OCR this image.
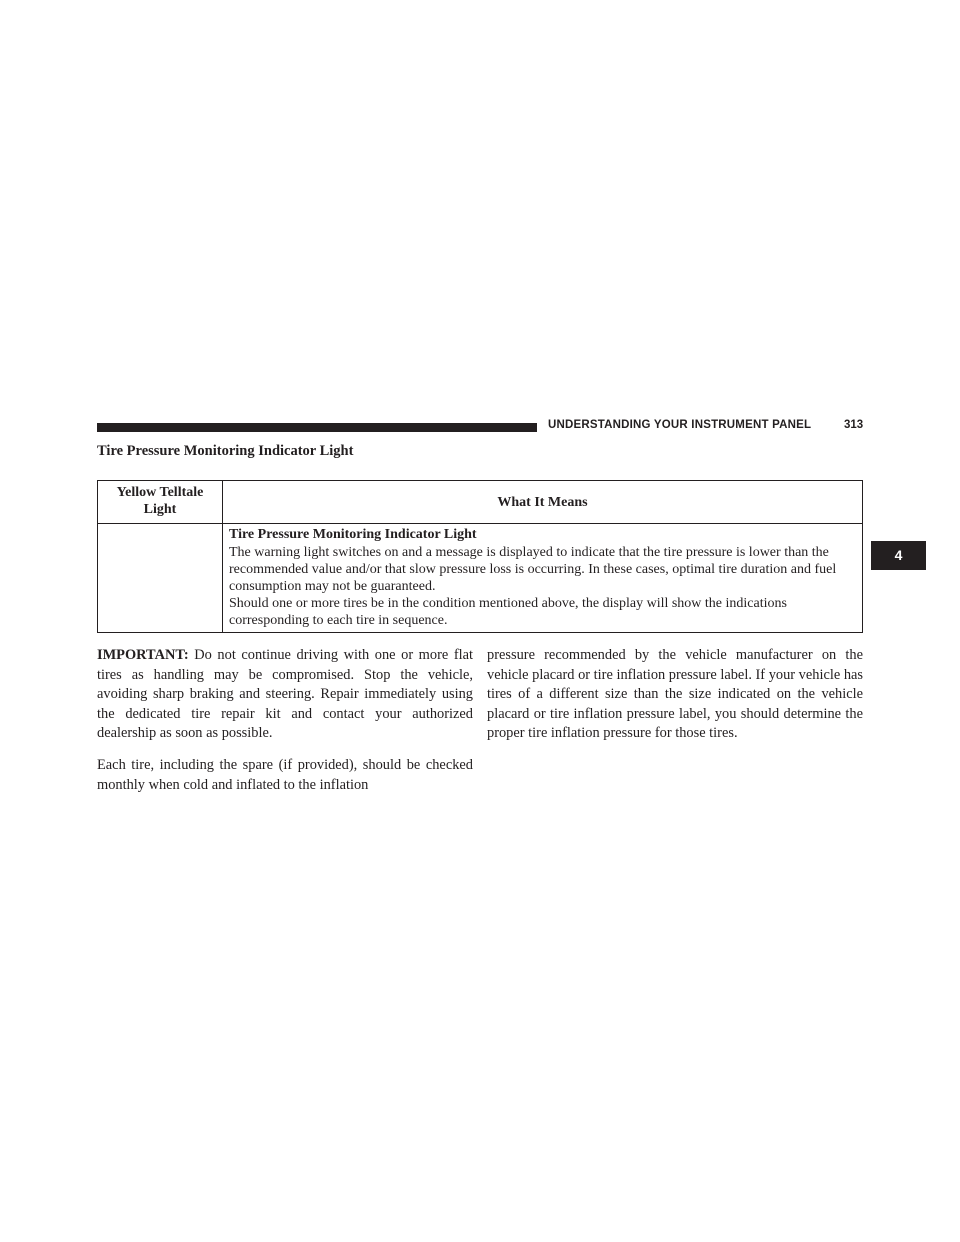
UNDERSTANDING YOUR INSTRUMENT PANEL	313
4
Tire Pressure Monitoring Indicator Light
Yellow Telltale Light	What It Means

	Tire Pressure Monitoring Indicator Light
The warning light switches on and a message is displayed to indicate that the tire pressure is lower than the recommended value and/or that slow pressure loss is occurring. In these cases, optimal tire duration and fuel consumption may not be guaranteed.
Should one or more tires be in the condition mentioned above, the display will show the indications corresponding to each tire in sequence.

IMPORTANT: Do not continue driving with one or more flat tires as handling may be compromised. Stop the vehicle, avoiding sharp braking and steering. Repair immediately using the dedicated tire repair kit and contact your authorized dealership as soon as possible.

Each tire, including the spare (if provided), should be checked monthly when cold and inflated to the inflation

pressure recommended by the vehicle manufacturer on the vehicle placard or tire inflation pressure label. If your vehicle has tires of a different size than the size indicated on the vehicle placard or tire inflation pressure label, you should determine the proper tire inflation pressure for those tires.
